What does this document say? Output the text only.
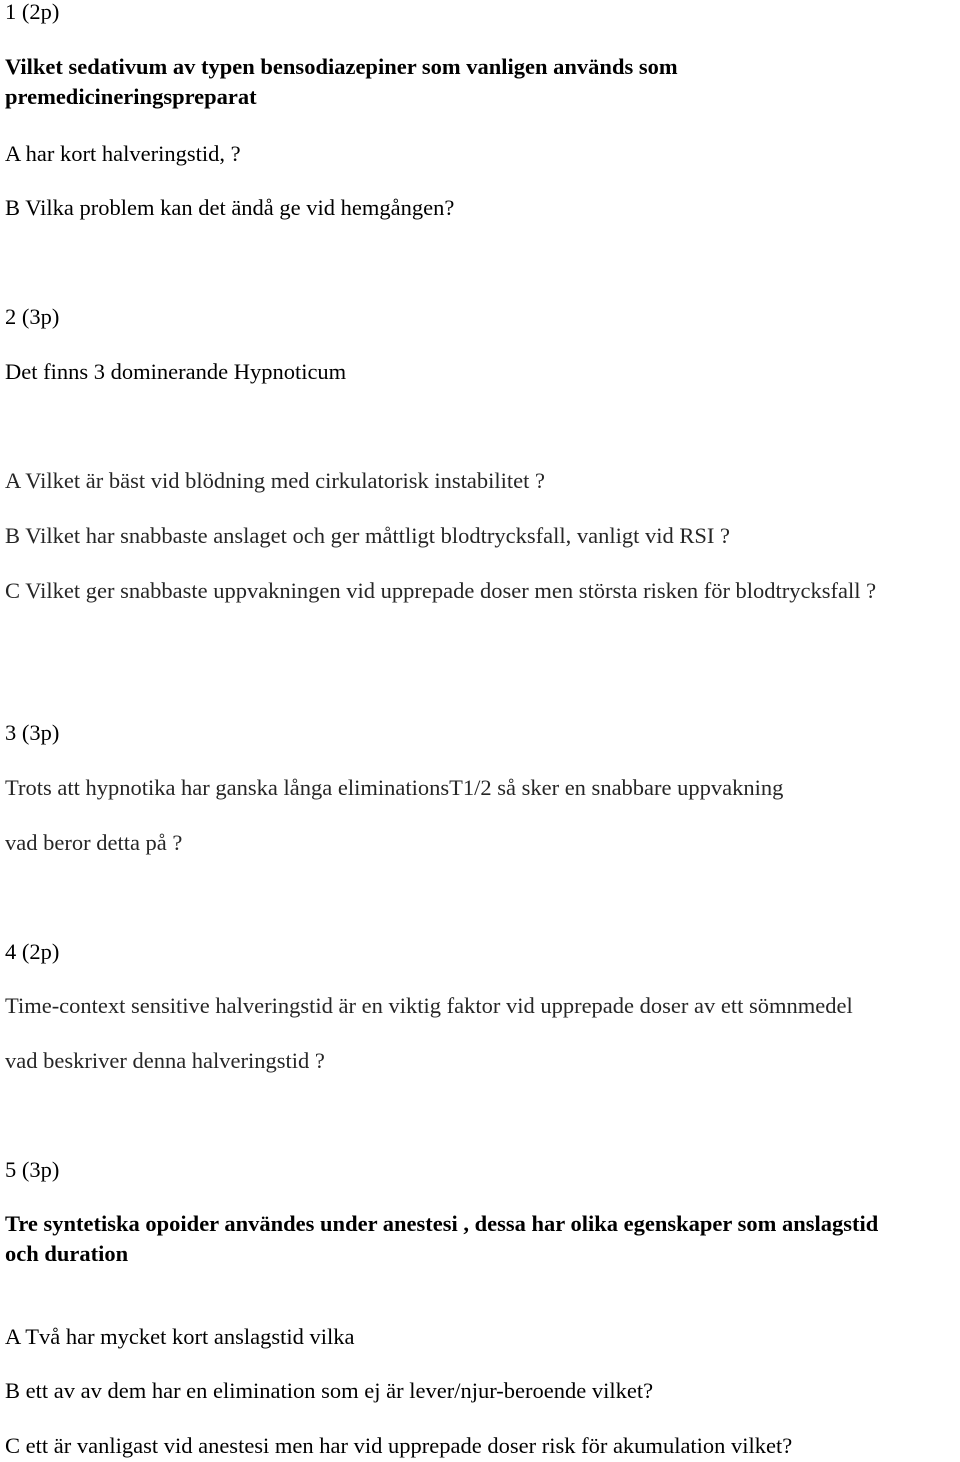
1 (2p)
Vilket sedativum av typen bensodiazepiner som vanligen används som premedicineringspreparat
A har kort halveringstid, ?
B Vilka problem kan det ändå ge vid hemgången?
2 (3p)
Det finns 3 dominerande Hypnoticum
A Vilket är bäst vid blödning med cirkulatorisk instabilitet ?
B Vilket har snabbaste anslaget och ger måttligt blodtrycksfall, vanligt vid RSI ?
C Vilket ger snabbaste uppvakningen vid upprepade doser men största risken för blodtrycksfall ?
3 (3p)
Trots att hypnotika har ganska långa eliminationsT1/2 så sker en snabbare uppvakning
vad beror detta på ?
4 (2p)
Time-context sensitive halveringstid är en viktig faktor vid upprepade doser av ett sömnmedel
vad beskriver denna halveringstid ?
5 (3p)
Tre syntetiska opoider användes under anestesi , dessa har olika egenskaper som anslagstid och duration
A Två har mycket kort anslagstid vilka
B ett av av dem har en elimination som ej är lever/njur-beroende vilket?
C ett är vanligast vid anestesi men har vid upprepade doser risk för akumulation vilket?
